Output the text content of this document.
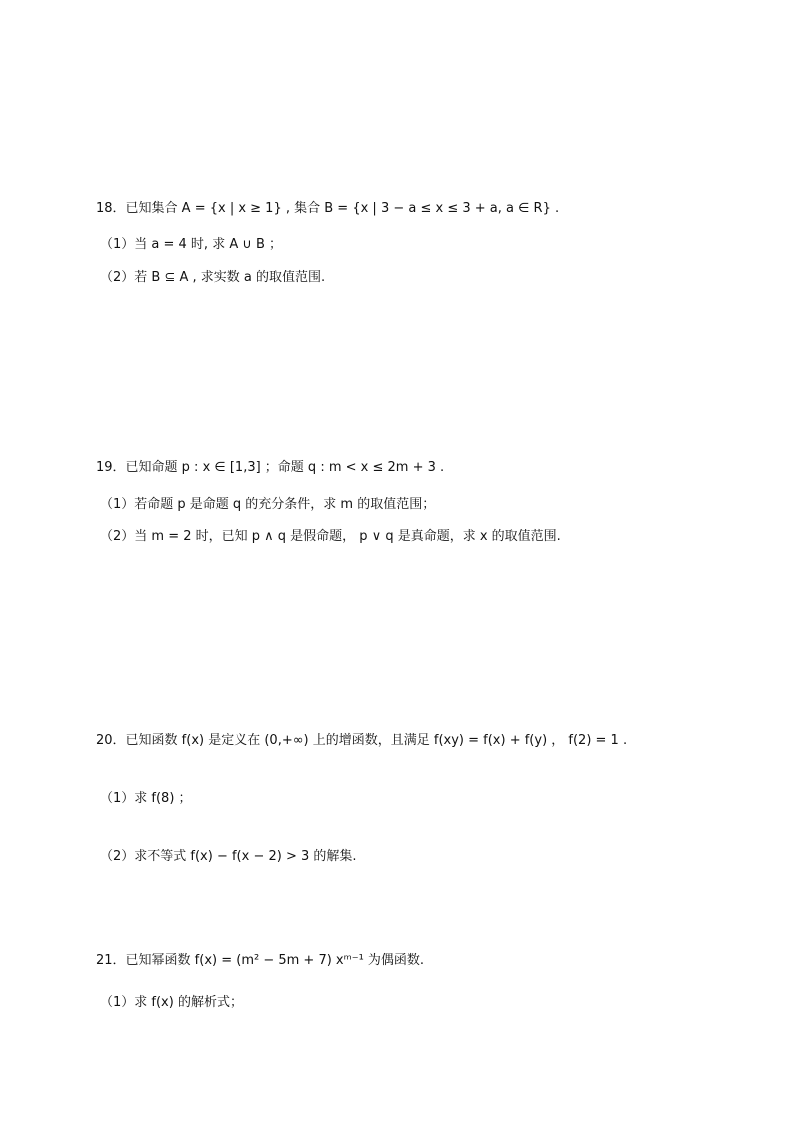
18．已知集合 A = {x | x ≥ 1} , 集合 B = {x | 3 − a ≤ x ≤ 3 + a, a ∈ R} .
（1）当 a = 4 时, 求 A ∪ B ；
（2）若 B ⊆ A , 求实数 a 的取值范围.
19．已知命题 p : x ∈ [1,3] ；命题 q : m < x ≤ 2m + 3 .
（1）若命题 p 是命题 q 的充分条件，求 m 的取值范围；
（2）当 m = 2 时，已知 p ∧ q 是假命题， p ∨ q 是真命题，求 x 的取值范围.
20．已知函数 f(x) 是定义在 (0,+∞) 上的增函数，且满足 f(xy) = f(x) + f(y) ， f(2) = 1 .
（1）求 f(8) ；
（2）求不等式 f(x) − f(x − 2) > 3 的解集.
21．已知幂函数 f(x) = (m² − 5m + 7) xᵐ⁻¹ 为偶函数.
（1）求 f(x) 的解析式；
